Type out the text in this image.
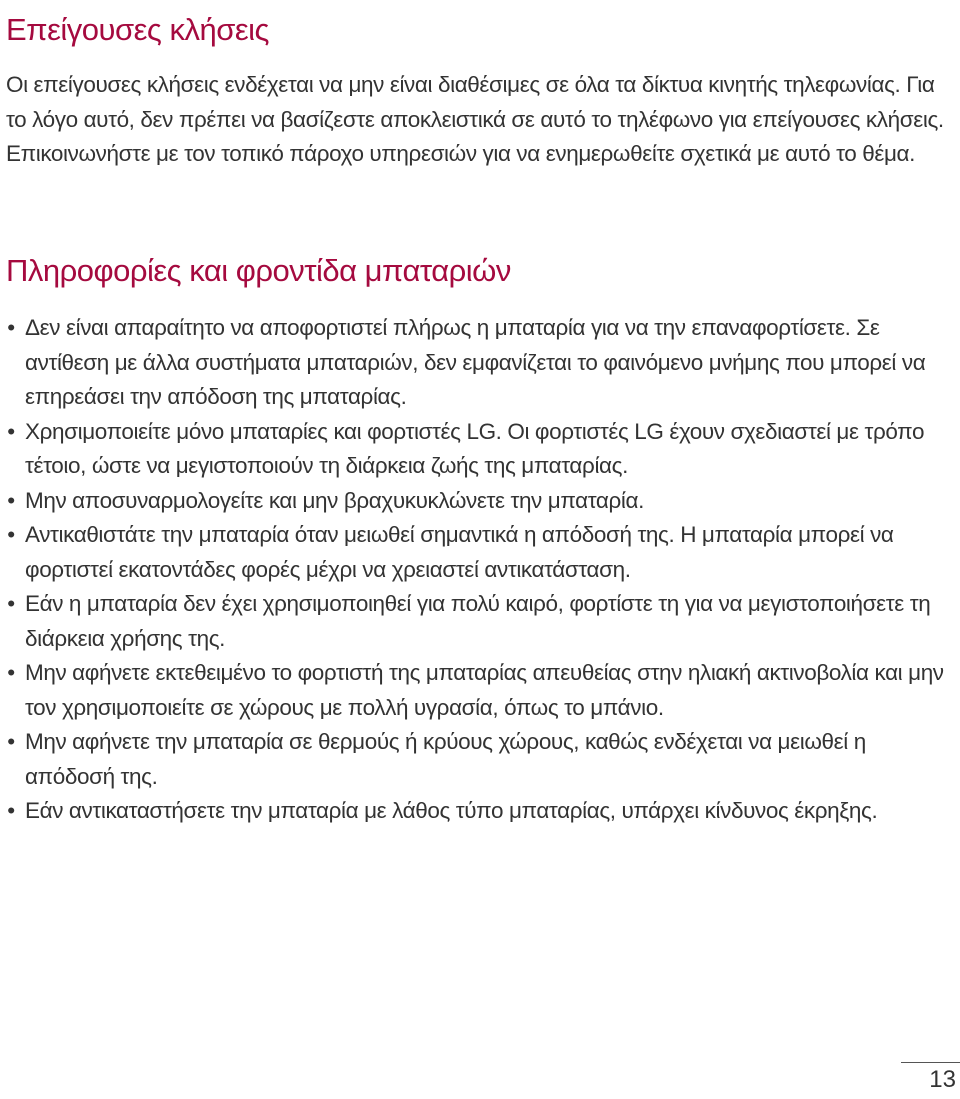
Επείγουσες κλήσεις

Οι επείγουσες κλήσεις ενδέχεται να μην είναι διαθέσιμες σε όλα τα δίκτυα κινητής τηλεφωνίας. Για το λόγο αυτό, δεν πρέπει να βασίζεστε αποκλειστικά σε αυτό το τηλέφωνο για επείγουσες κλήσεις. Επικοινωνήστε με τον τοπικό πάροχο υπηρεσιών για να ενημερωθείτε σχετικά με αυτό το θέμα.

Πληροφορίες και φροντίδα μπαταριών
• Δεν είναι απαραίτητο να αποφορτιστεί πλήρως η μπαταρία για να την επαναφορτίσετε. Σε αντίθεση με άλλα συστήματα μπαταριών, δεν εμφανίζεται το φαινόμενο μνήμης που μπορεί να επηρεάσει την απόδοση της μπαταρίας.
• Χρησιμοποιείτε μόνο μπαταρίες και φορτιστές LG. Οι φορτιστές LG έχουν σχεδιαστεί με τρόπο τέτοιο, ώστε να μεγιστοποιούν τη διάρκεια ζωής της μπαταρίας.
• Μην αποσυναρμολογείτε και μην βραχυκυκλώνετε την μπαταρία.
• Αντικαθιστάτε την μπαταρία όταν μειωθεί σημαντικά η απόδοσή της. Η μπαταρία μπορεί να φορτιστεί εκατοντάδες φορές μέχρι να χρειαστεί αντικατάσταση.
• Εάν η μπαταρία δεν έχει χρησιμοποιηθεί για πολύ καιρό, φορτίστε τη για να μεγιστοποιήσετε τη διάρκεια χρήσης της.
• Μην αφήνετε εκτεθειμένο το φορτιστή της μπαταρίας απευθείας στην ηλιακή ακτινοβολία και μην τον χρησιμοποιείτε σε χώρους με πολλή υγρασία, όπως το μπάνιο.
• Μην αφήνετε την μπαταρία σε θερμούς ή κρύους χώρους, καθώς ενδέχεται να μειωθεί η απόδοσή της.
• Εάν αντικαταστήσετε την μπαταρία με λάθος τύπο μπαταρίας, υπάρχει κίνδυνος έκρηξης.
13
